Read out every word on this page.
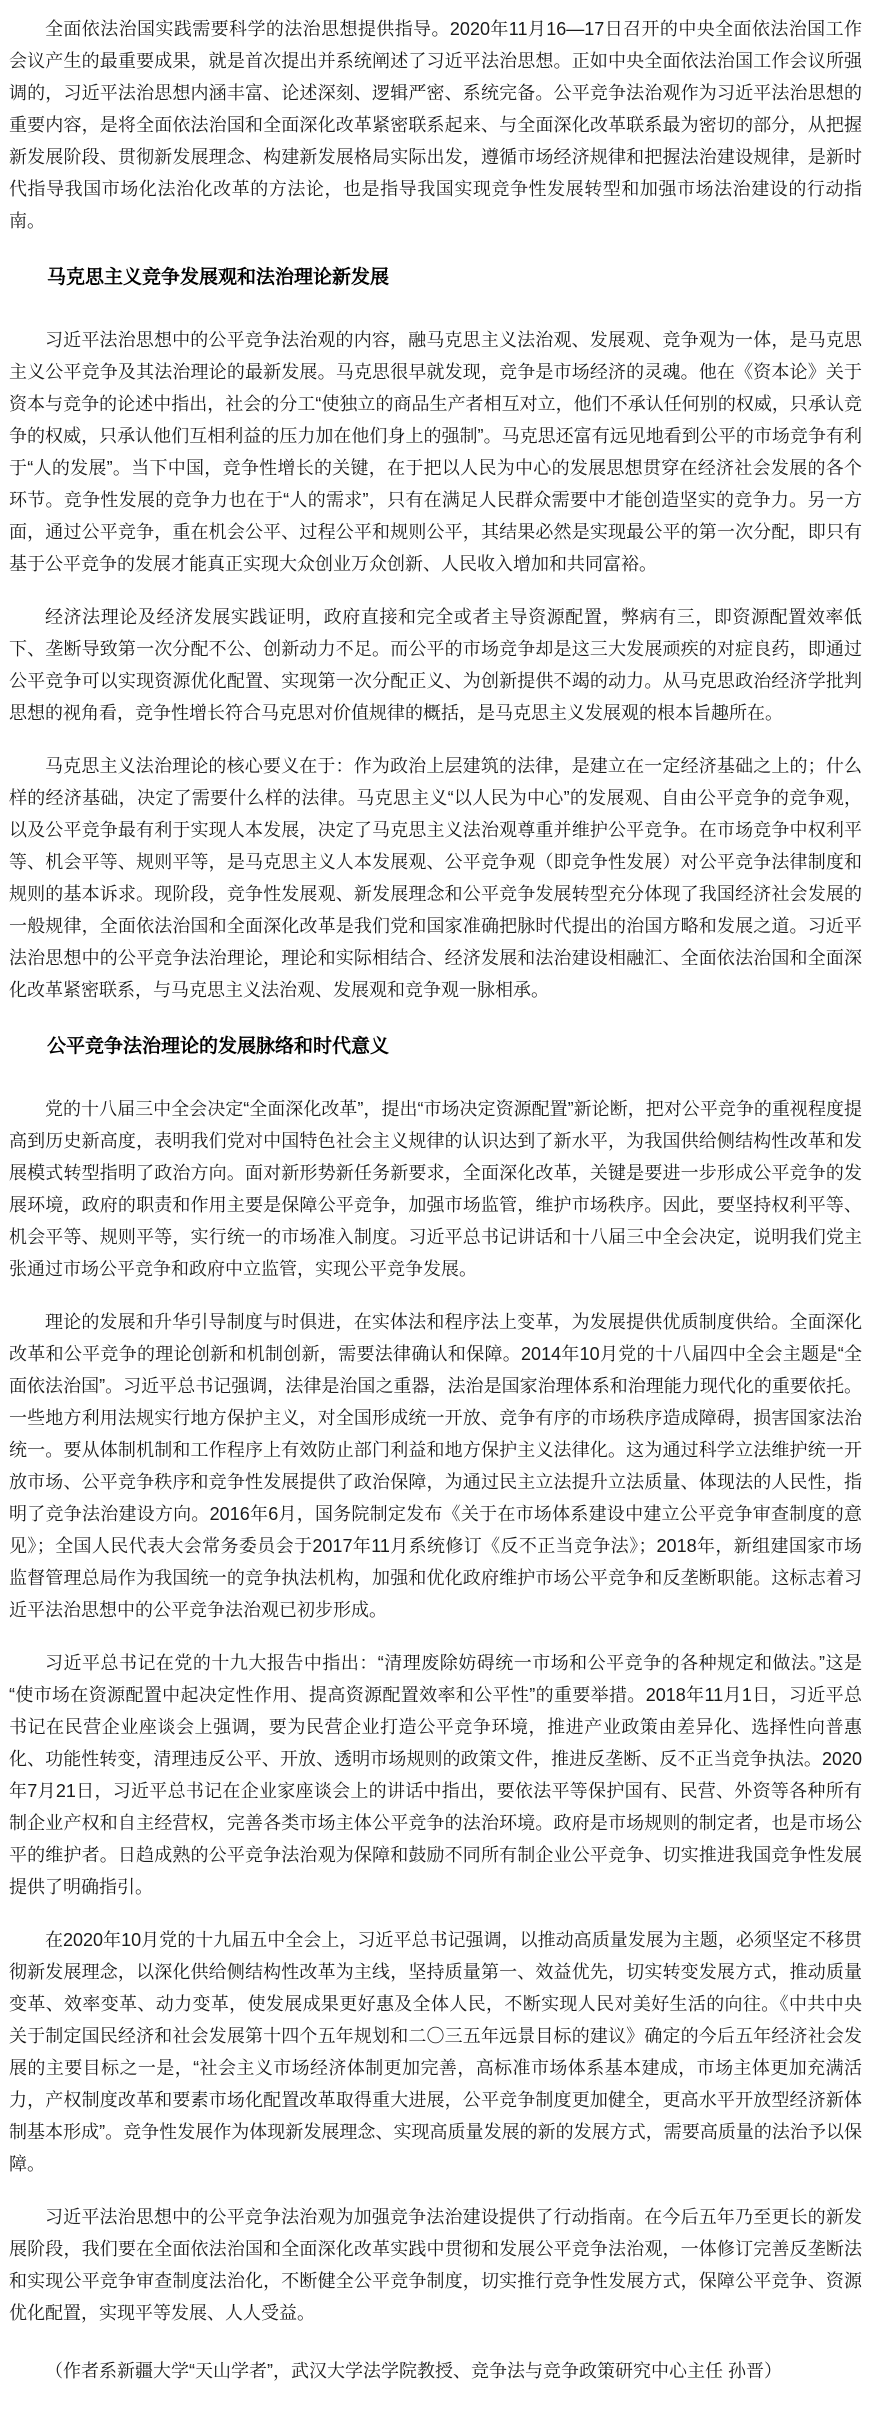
全面依法治国实践需要科学的法治思想提供指导。2020年11月16—17日召开的中央全面依法治国工作会议产生的最重要成果，就是首次提出并系统阐述了习近平法治思想。正如中央全面依法治国工作会议所强调的，习近平法治思想内涵丰富、论述深刻、逻辑严密、系统完备。公平竞争法治观作为习近平法治思想的重要内容，是将全面依法治国和全面深化改革紧密联系起来、与全面深化改革联系最为密切的部分，从把握新发展阶段、贯彻新发展理念、构建新发展格局实际出发，遵循市场经济规律和把握法治建设规律，是新时代指导我国市场化法治化改革的方法论，也是指导我国实现竞争性发展转型和加强市场法治建设的行动指南。

马克思主义竞争发展观和法治理论新发展

习近平法治思想中的公平竞争法治观的内容，融马克思主义法治观、发展观、竞争观为一体，是马克思主义公平竞争及其法治理论的最新发展。马克思很早就发现，竞争是市场经济的灵魂。他在《资本论》关于资本与竞争的论述中指出，社会的分工“使独立的商品生产者相互对立，他们不承认任何别的权威，只承认竞争的权威，只承认他们互相利益的压力加在他们身上的强制”。马克思还富有远见地看到公平的市场竞争有利于“人的发展”。当下中国，竞争性增长的关键，在于把以人民为中心的发展思想贯穿在经济社会发展的各个环节。竞争性发展的竞争力也在于“人的需求”，只有在满足人民群众需要中才能创造坚实的竞争力。另一方面，通过公平竞争，重在机会公平、过程公平和规则公平，其结果必然是实现最公平的第一次分配，即只有基于公平竞争的发展才能真正实现大众创业万众创新、人民收入增加和共同富裕。

经济法理论及经济发展实践证明，政府直接和完全或者主导资源配置，弊病有三，即资源配置效率低下、垄断导致第一次分配不公、创新动力不足。而公平的市场竞争却是这三大发展顽疾的对症良药，即通过公平竞争可以实现资源优化配置、实现第一次分配正义、为创新提供不竭的动力。从马克思政治经济学批判思想的视角看，竞争性增长符合马克思对价值规律的概括，是马克思主义发展观的根本旨趣所在。

马克思主义法治理论的核心要义在于：作为政治上层建筑的法律，是建立在一定经济基础之上的；什么样的经济基础，决定了需要什么样的法律。马克思主义“以人民为中心”的发展观、自由公平竞争的竞争观，以及公平竞争最有利于实现人本发展，决定了马克思主义法治观尊重并维护公平竞争。在市场竞争中权利平等、机会平等、规则平等，是马克思主义人本发展观、公平竞争观（即竞争性发展）对公平竞争法律制度和规则的基本诉求。现阶段，竞争性发展观、新发展理念和公平竞争发展转型充分体现了我国经济社会发展的一般规律，全面依法治国和全面深化改革是我们党和国家准确把脉时代提出的治国方略和发展之道。习近平法治思想中的公平竞争法治理论，理论和实际相结合、经济发展和法治建设相融汇、全面依法治国和全面深化改革紧密联系，与马克思主义法治观、发展观和竞争观一脉相承。

公平竞争法治理论的发展脉络和时代意义

党的十八届三中全会决定“全面深化改革”，提出“市场决定资源配置”新论断，把对公平竞争的重视程度提高到历史新高度，表明我们党对中国特色社会主义规律的认识达到了新水平，为我国供给侧结构性改革和发展模式转型指明了政治方向。面对新形势新任务新要求，全面深化改革，关键是要进一步形成公平竞争的发展环境，政府的职责和作用主要是保障公平竞争，加强市场监管，维护市场秩序。因此，要坚持权利平等、机会平等、规则平等，实行统一的市场准入制度。习近平总书记讲话和十八届三中全会决定，说明我们党主张通过市场公平竞争和政府中立监管，实现公平竞争发展。

理论的发展和升华引导制度与时俱进，在实体法和程序法上变革，为发展提供优质制度供给。全面深化改革和公平竞争的理论创新和机制创新，需要法律确认和保障。2014年10月党的十八届四中全会主题是“全面依法治国”。习近平总书记强调，法律是治国之重器，法治是国家治理体系和治理能力现代化的重要依托。一些地方利用法规实行地方保护主义，对全国形成统一开放、竞争有序的市场秩序造成障碍，损害国家法治统一。要从体制机制和工作程序上有效防止部门利益和地方保护主义法律化。这为通过科学立法维护统一开放市场、公平竞争秩序和竞争性发展提供了政治保障，为通过民主立法提升立法质量、体现法的人民性，指明了竞争法治建设方向。2016年6月，国务院制定发布《关于在市场体系建设中建立公平竞争审查制度的意见》；全国人民代表大会常务委员会于2017年11月系统修订《反不正当竞争法》；2018年，新组建国家市场监督管理总局作为我国统一的竞争执法机构，加强和优化政府维护市场公平竞争和反垄断职能。这标志着习近平法治思想中的公平竞争法治观已初步形成。

习近平总书记在党的十九大报告中指出：“清理废除妨碍统一市场和公平竞争的各种规定和做法。”这是“使市场在资源配置中起决定性作用、提高资源配置效率和公平性”的重要举措。2018年11月1日，习近平总书记在民营企业座谈会上强调，要为民营企业打造公平竞争环境，推进产业政策由差异化、选择性向普惠化、功能性转变，清理违反公平、开放、透明市场规则的政策文件，推进反垄断、反不正当竞争执法。2020年7月21日，习近平总书记在企业家座谈会上的讲话中指出，要依法平等保护国有、民营、外资等各种所有制企业产权和自主经营权，完善各类市场主体公平竞争的法治环境。政府是市场规则的制定者，也是市场公平的维护者。日趋成熟的公平竞争法治观为保障和鼓励不同所有制企业公平竞争、切实推进我国竞争性发展提供了明确指引。

在2020年10月党的十九届五中全会上，习近平总书记强调，以推动高质量发展为主题，必须坚定不移贯彻新发展理念，以深化供给侧结构性改革为主线，坚持质量第一、效益优先，切实转变发展方式，推动质量变革、效率变革、动力变革，使发展成果更好惠及全体人民，不断实现人民对美好生活的向往。《中共中央关于制定国民经济和社会发展第十四个五年规划和二〇三五年远景目标的建议》确定的今后五年经济社会发展的主要目标之一是，“社会主义市场经济体制更加完善，高标准市场体系基本建成，市场主体更加充满活力，产权制度改革和要素市场化配置改革取得重大进展，公平竞争制度更加健全，更高水平开放型经济新体制基本形成”。竞争性发展作为体现新发展理念、实现高质量发展的新的发展方式，需要高质量的法治予以保障。

习近平法治思想中的公平竞争法治观为加强竞争法治建设提供了行动指南。在今后五年乃至更长的新发展阶段，我们要在全面依法治国和全面深化改革实践中贯彻和发展公平竞争法治观，一体修订完善反垄断法和实现公平竞争审查制度法治化，不断健全公平竞争制度，切实推行竞争性发展方式，保障公平竞争、资源优化配置，实现平等发展、人人受益。

（作者系新疆大学“天山学者”，武汉大学法学院教授、竞争法与竞争政策研究中心主任 孙晋）
